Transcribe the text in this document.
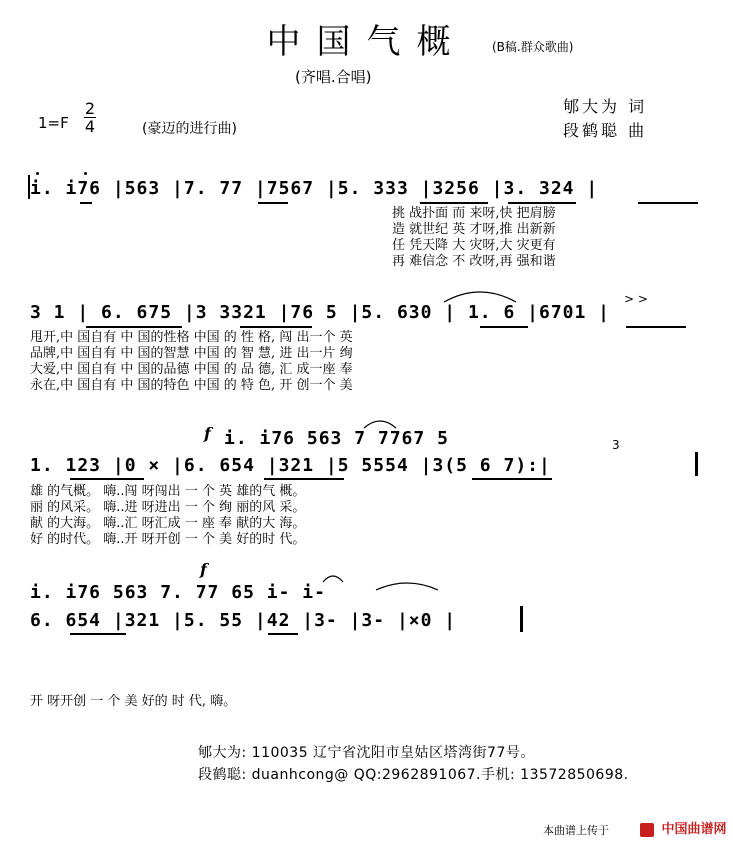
中国气概	(B稿.群众歌曲)
(齐唱.合唱)
1=F
2
4	(豪迈的进行曲)
郇大为 词
段鹤聪 曲
i. i76 |563 |7. 77 |7567 |5. 333 |3256 |3. 324 |
挑 战扑面 而 来呀,快 把肩膀
造 就世纪 英 才呀,推 出新新
任 凭天降 大 灾呀,大 灾更有
再 难信念 不 改呀,再 强和谐
> >
3 1 | 6. 675 |3 3321 |76 5 |5. 630 | 1. 6 |6701 |
甩开,中 国自有 中 国的性格 中国 的 性 格, 闯 出一个 英
品牌,中 国自有 中 国的智慧 中国 的 智 慧, 进 出一片 绚
大爱,中 国自有 中 国的品德 中国 的 品 德, 汇 成一座 奉
永在,中 国自有 中 国的特色 中国 的 特 色, 开 创一个 美
f i. i76 563 7 7767 5
1. 123 |0 × |6. 654 |321 |5 5554 |3(5 6 7):|
3
雄 的气概。 嗨..闯 呀闯出 一 个 英 雄的气 概。
丽 的风采。 嗨..进 呀进出 一 个 绚 丽的风 采。
献 的大海。 嗨..汇 呀汇成 一 座 奉 献的大 海。
好 的时代。 嗨..开 呀开创 一 个 美 好的时 代。
f
i. i76 563 7. 77 65 i- i-
6. 654 |321 |5. 55 |42 |3- |3- |×0 |
开 呀开创 一 个 美 好的 时 代, 嗨。
郇大为: 110035 辽宁省沈阳市皇姑区塔湾街77号。
段鹤聪: duanhcong@ QQ:2962891067.手机: 13572850698.
本曲谱上传于	中国曲谱网
